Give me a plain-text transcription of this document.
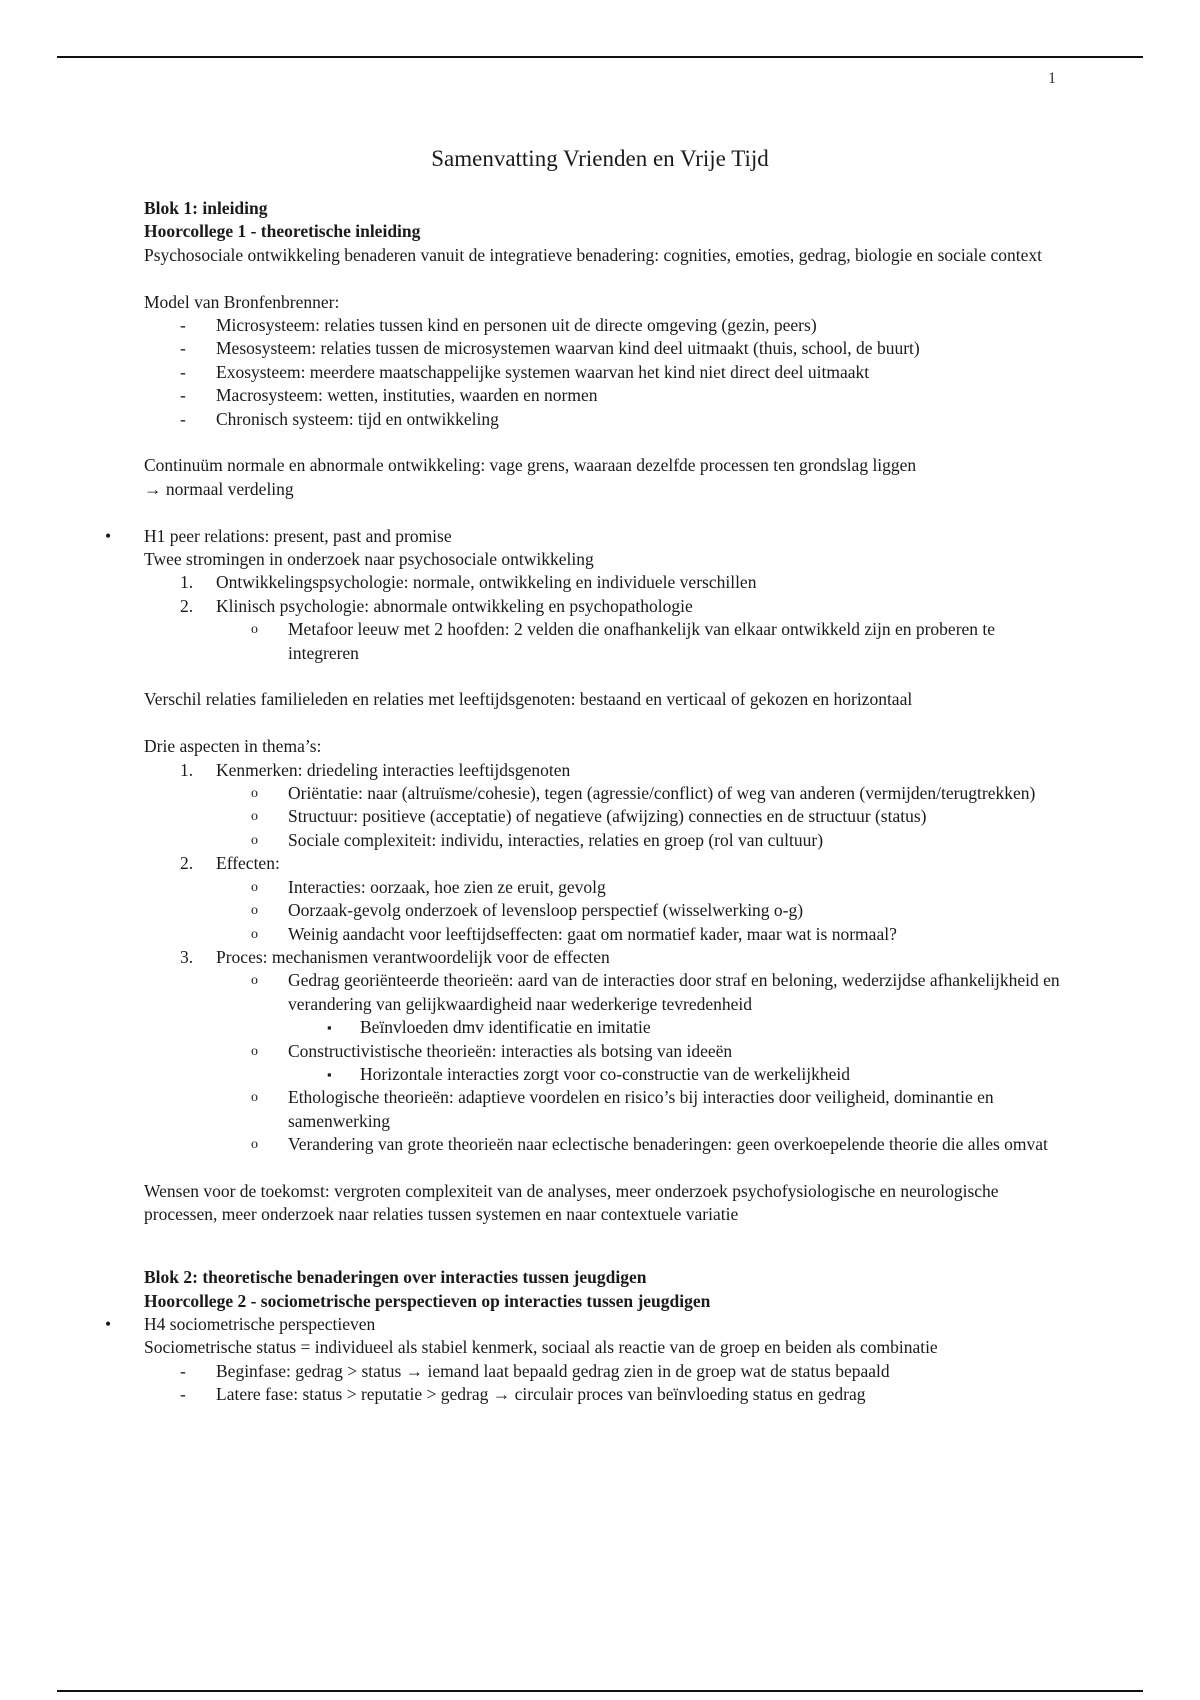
1
Samenvatting Vrienden en Vrije Tijd

Blok 1: inleiding

Hoorcollege 1 - theoretische inleiding

Psychosociale ontwikkeling benaderen vanuit de integratieve benadering: cognities, emoties, gedrag, biologie en sociale context

Model van Bronfenbrenner:

- Microsysteem: relaties tussen kind en personen uit de directe omgeving (gezin, peers)
- Mesosysteem: relaties tussen de microsystemen waarvan kind deel uitmaakt (thuis, school, de buurt)
- Exosysteem: meerdere maatschappelijke systemen waarvan het kind niet direct deel uitmaakt
- Macrosysteem: wetten, instituties, waarden en normen
- Chronisch systeem: tijd en ontwikkeling

Continuüm normale en abnormale ontwikkeling: vage grens, waaraan dezelfde processen ten grondslag liggen

→ normaal verdeling

• H1 peer relations: present, past and promise

Twee stromingen in onderzoek naar psychosociale ontwikkeling

1. Ontwikkelingspsychologie: normale, ontwikkeling en individuele verschillen
2. Klinisch psychologie: abnormale ontwikkeling en psychopathologie
o Metafoor leeuw met 2 hoofden: 2 velden die onafhankelijk van elkaar ontwikkeld zijn en proberen te integreren

Verschil relaties familieleden en relaties met leeftijdsgenoten: bestaand en verticaal of gekozen en horizontaal

Drie aspecten in thema’s:

1. Kenmerken: driedeling interacties leeftijdsgenoten
o Oriëntatie: naar (altruïsme/cohesie), tegen (agressie/conflict) of weg van anderen (vermijden/terugtrekken)
o Structuur: positieve (acceptatie) of negatieve (afwijzing) connecties en de structuur (status)
o Sociale complexiteit: individu, interacties, relaties en groep (rol van cultuur)
2. Effecten:
o Interacties: oorzaak, hoe zien ze eruit, gevolg
o Oorzaak-gevolg onderzoek of levensloop perspectief (wisselwerking o-g)
o Weinig aandacht voor leeftijdseffecten: gaat om normatief kader, maar wat is normaal?
3. Proces: mechanismen verantwoordelijk voor de effecten
o Gedrag georiënteerde theorieën: aard van de interacties door straf en beloning, wederzijdse afhankelijkheid en verandering van gelijkwaardigheid naar wederkerige tevredenheid
▪ Beïnvloeden dmv identificatie en imitatie
o Constructivistische theorieën: interacties als botsing van ideeën
▪ Horizontale interacties zorgt voor co-constructie van de werkelijkheid
o Ethologische theorieën: adaptieve voordelen en risico’s bij interacties door veiligheid, dominantie en samenwerking
o Verandering van grote theorieën naar eclectische benaderingen: geen overkoepelende theorie die alles omvat

Wensen voor de toekomst: vergroten complexiteit van de analyses, meer onderzoek psychofysiologische en neurologische processen, meer onderzoek naar relaties tussen systemen en naar contextuele variatie

Blok 2: theoretische benaderingen over interacties tussen jeugdigen

Hoorcollege 2 - sociometrische perspectieven op interacties tussen jeugdigen

• H4 sociometrische perspectieven

Sociometrische status = individueel als stabiel kenmerk, sociaal als reactie van de groep en beiden als combinatie

- Beginfase: gedrag > status → iemand laat bepaald gedrag zien in de groep wat de status bepaald
- Latere fase: status > reputatie > gedrag → circulair proces van beïnvloeding status en gedrag
